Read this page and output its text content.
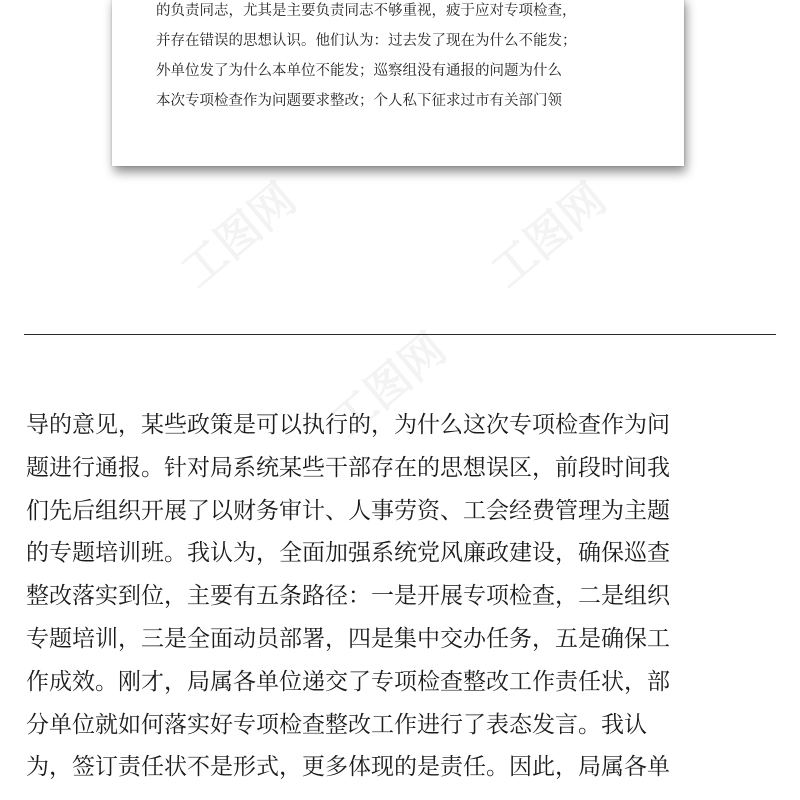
的负责同志，尤其是主要负责同志不够重视，疲于应对专项检查，
并存在错误的思想认识。他们认为：过去发了现在为什么不能发；
外单位发了为什么本单位不能发；巡察组没有通报的问题为什么
本次专项检查作为问题要求整改；个人私下征求过市有关部门领
工图网	工图网
工图网
导的意见，某些政策是可以执行的，为什么这次专项检查作为问
题进行通报。针对局系统某些干部存在的思想误区，前段时间我
们先后组织开展了以财务审计、人事劳资、工会经费管理为主题
的专题培训班。我认为，全面加强系统党风廉政建设，确保巡查
整改落实到位，主要有五条路径：一是开展专项检查，二是组织
专题培训，三是全面动员部署，四是集中交办任务，五是确保工
作成效。刚才，局属各单位递交了专项检查整改工作责任状，部
分单位就如何落实好专项检查整改工作进行了表态发言。我认
为，签订责任状不是形式，更多体现的是责任。因此，局属各单
